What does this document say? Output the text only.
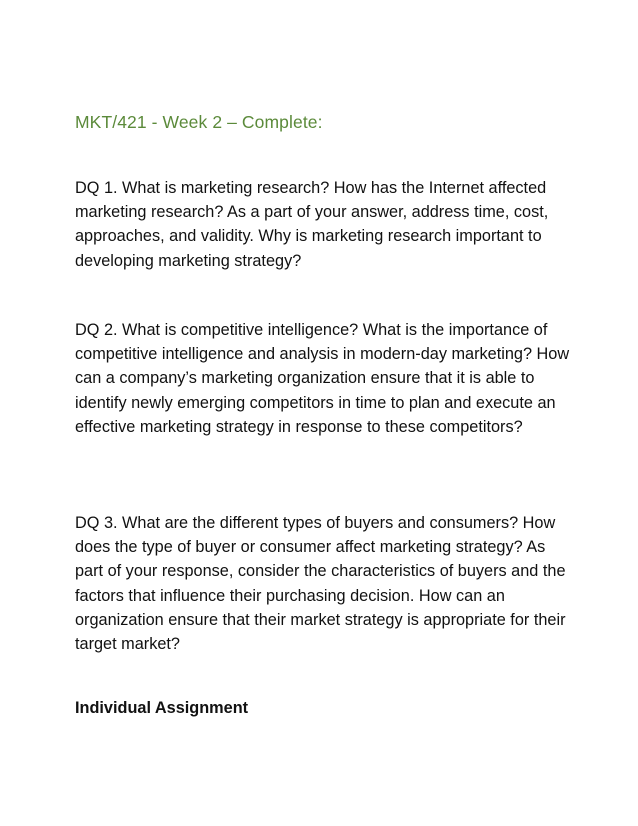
MKT/421 - Week 2 – Complete:

DQ 1. What is marketing research? How has the Internet affected marketing research? As a part of your answer, address time, cost, approaches, and validity. Why is marketing research important to developing marketing strategy?

DQ 2. What is competitive intelligence? What is the importance of competitive intelligence and analysis in modern-day marketing? How can a company’s marketing organization ensure that it is able to identify newly emerging competitors in time to plan and execute an effective marketing strategy in response to these competitors?

DQ 3. What are the different types of buyers and consumers? How does the type of buyer or consumer affect marketing strategy? As part of your response, consider the characteristics of buyers and the factors that influence their purchasing decision. How can an organization ensure that their market strategy is appropriate for their target market?

Individual Assignment
